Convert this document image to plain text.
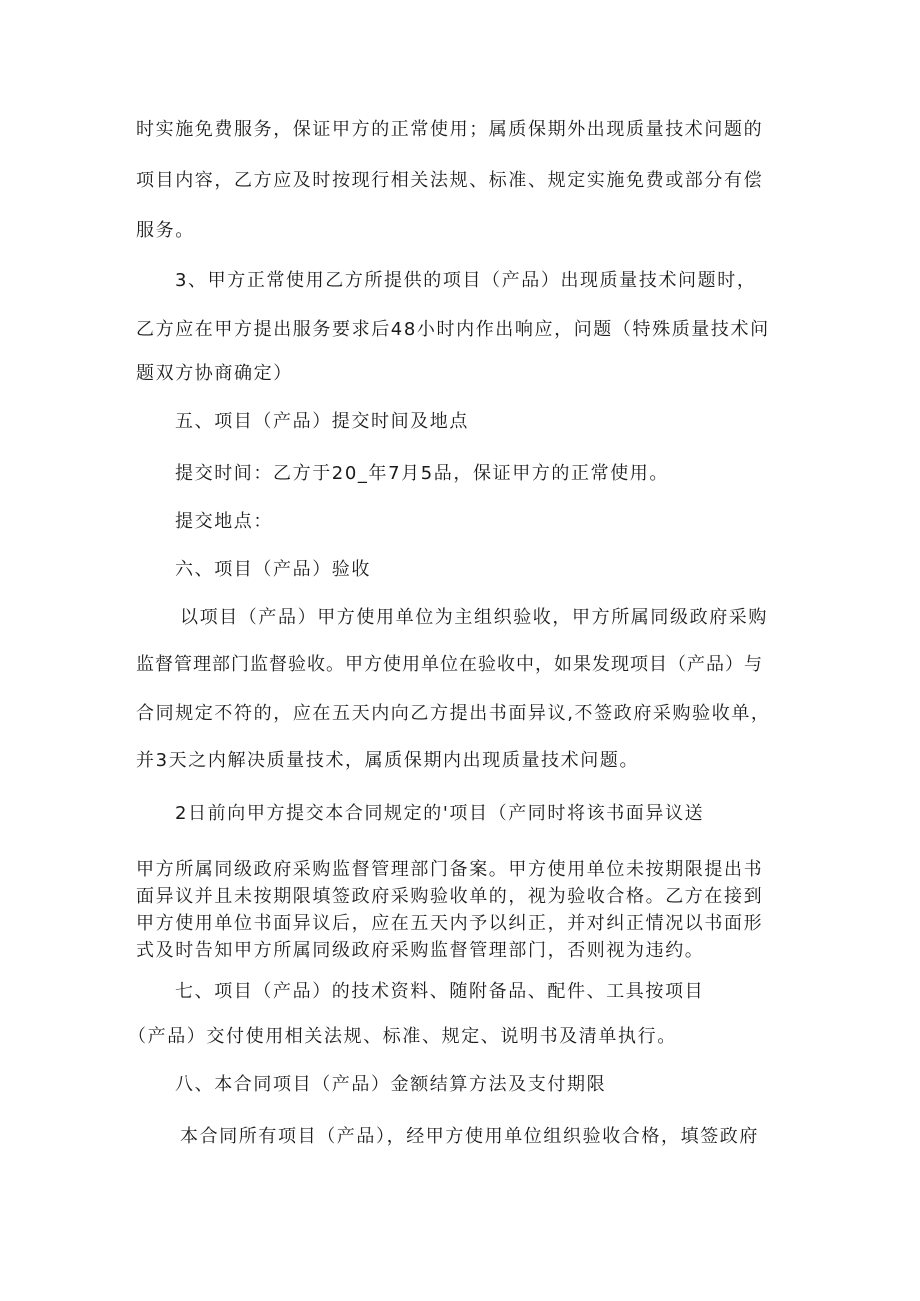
时实施免费服务，保证甲方的正常使用；属质保期外出现质量技术问题的
项目内容，乙方应及时按现行相关法规、标准、规定实施免费或部分有偿
服务。
3、甲方正常使用乙方所提供的项目（产品）出现质量技术问题时，
乙方应在甲方提出服务要求后48小时内作出响应，问题（特殊质量技术问
题双方协商确定）
五、项目（产品）提交时间及地点
提交时间：乙方于20_年7月5品，保证甲方的正常使用。
提交地点：
六、项目（产品）验收
以项目（产品）甲方使用单位为主组织验收，甲方所属同级政府采购
监督管理部门监督验收。甲方使用单位在验收中，如果发现项目（产品）与
合同规定不符的，应在五天内向乙方提出书面异议,不签政府采购验收单，
并3天之内解决质量技术，属质保期内出现质量技术问题。
2日前向甲方提交本合同规定的'项目（产同时将该书面异议送
甲方所属同级政府采购监督管理部门备案。甲方使用单位未按期限提出书
面异议并且未按期限填签政府采购验收单的，视为验收合格。乙方在接到
甲方使用单位书面异议后，应在五天内予以纠正，并对纠正情况以书面形
式及时告知甲方所属同级政府采购监督管理部门，否则视为违约。
七、项目（产品）的技术资料、随附备品、配件、工具按项目
（产品）交付使用相关法规、标准、规定、说明书及清单执行。
八、本合同项目（产品）金额结算方法及支付期限
本合同所有项目（产品），经甲方使用单位组织验收合格，填签政府
